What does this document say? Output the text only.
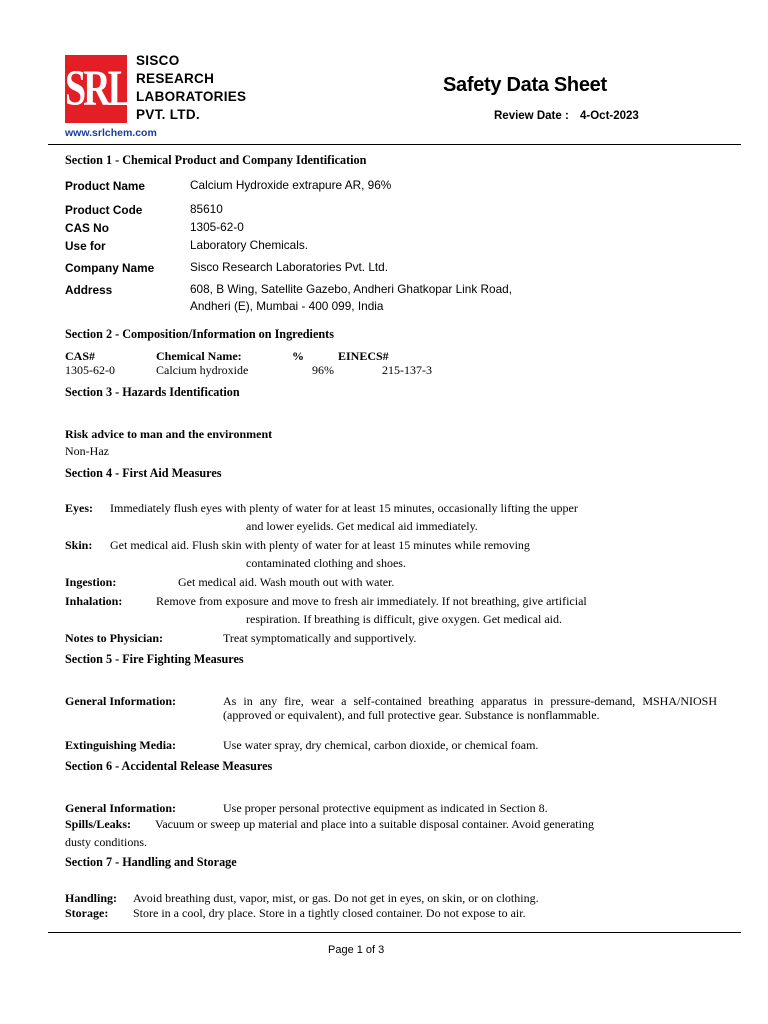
SRL
SISCO
RESEARCH
LABORATORIES
PVT. LTD.
www.srlchem.com
Safety Data Sheet
Review Date : 4-Oct-2023
Section 1 - Chemical Product and Company Identification
Product Name	Calcium Hydroxide extrapure AR, 96%
Product Code	85610
CAS No	1305-62-0
Use for	Laboratory Chemicals.
Company Name	Sisco Research Laboratories Pvt. Ltd.
Address	608, B Wing, Satellite Gazebo, Andheri Ghatkopar Link Road,
Andheri (E), Mumbai - 400 099, India
Section 2 - Composition/Information on Ingredients
CAS#	Chemical Name:	%	EINECS#
1305-62-0	Calcium hydroxide	96%	215-137-3
Section 3 - Hazards Identification
Risk advice to man and the environment
Non-Haz
Section 4 - First Aid Measures
Eyes: Immediately flush eyes with plenty of water for at least 15 minutes, occasionally lifting the upper
and lower eyelids. Get medical aid immediately.
Skin: Get medical aid. Flush skin with plenty of water for at least 15 minutes while removing
contaminated clothing and shoes.
Ingestion:	Get medical aid. Wash mouth out with water.
Inhalation:	Remove from exposure and move to fresh air immediately. If not breathing, give artificial
respiration. If breathing is difficult, give oxygen. Get medical aid.
Notes to Physician:	Treat symptomatically and supportively.
Section 5 - Fire Fighting Measures
General Information:	As in any fire, wear a self-contained breathing apparatus in pressure-demand, MSHA/NIOSH (approved or equivalent), and full protective gear. Substance is nonflammable.
Extinguishing Media:	Use water spray, dry chemical, carbon dioxide, or chemical foam.
Section 6 - Accidental Release Measures
General Information:	Use proper personal protective equipment as indicated in Section 8.
Spills/Leaks: Vacuum or sweep up material and place into a suitable disposal container. Avoid generating
dusty conditions.
Section 7 - Handling and Storage
Handling: Avoid breathing dust, vapor, mist, or gas. Do not get in eyes, on skin, or on clothing.
Storage: Store in a cool, dry place. Store in a tightly closed container. Do not expose to air.
Page 1 of 3
